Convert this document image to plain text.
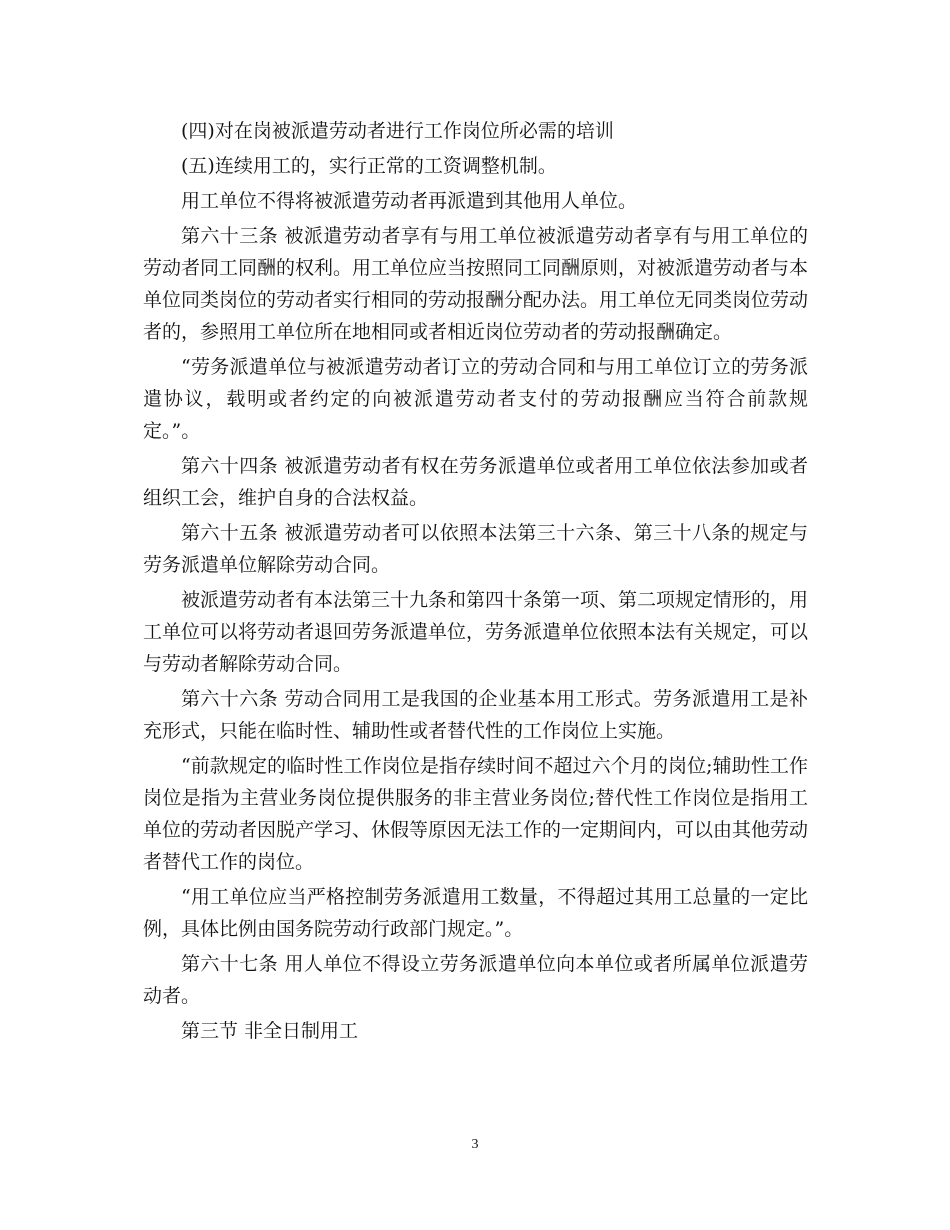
(四)对在岗被派遣劳动者进行工作岗位所必需的培训

(五)连续用工的，实行正常的工资调整机制。

用工单位不得将被派遣劳动者再派遣到其他用人单位。

第六十三条 被派遣劳动者享有与用工单位被派遣劳动者享有与用工单位的劳动者同工同酬的权利。用工单位应当按照同工同酬原则，对被派遣劳动者与本单位同类岗位的劳动者实行相同的劳动报酬分配办法。用工单位无同类岗位劳动者的，参照用工单位所在地相同或者相近岗位劳动者的劳动报酬确定。

“劳务派遣单位与被派遣劳动者订立的劳动合同和与用工单位订立的劳务派遣协议，载明或者约定的向被派遣劳动者支付的劳动报酬应当符合前款规定。”。

第六十四条 被派遣劳动者有权在劳务派遣单位或者用工单位依法参加或者组织工会，维护自身的合法权益。

第六十五条 被派遣劳动者可以依照本法第三十六条、第三十八条的规定与劳务派遣单位解除劳动合同。

被派遣劳动者有本法第三十九条和第四十条第一项、第二项规定情形的，用工单位可以将劳动者退回劳务派遣单位，劳务派遣单位依照本法有关规定，可以与劳动者解除劳动合同。

第六十六条 劳动合同用工是我国的企业基本用工形式。劳务派遣用工是补充形式，只能在临时性、辅助性或者替代性的工作岗位上实施。

“前款规定的临时性工作岗位是指存续时间不超过六个月的岗位;辅助性工作岗位是指为主营业务岗位提供服务的非主营业务岗位;替代性工作岗位是指用工单位的劳动者因脱产学习、休假等原因无法工作的一定期间内，可以由其他劳动者替代工作的岗位。

“用工单位应当严格控制劳务派遣用工数量，不得超过其用工总量的一定比例，具体比例由国务院劳动行政部门规定。”。

第六十七条 用人单位不得设立劳务派遣单位向本单位或者所属单位派遣劳动者。

第三节 非全日制用工

3
